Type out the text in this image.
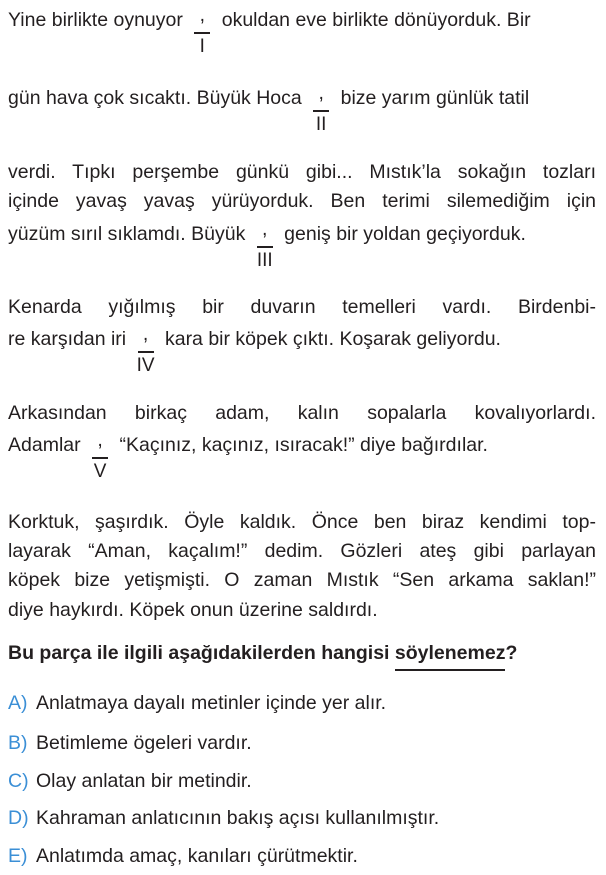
Yine birlikte oynuyor ,
I
okuldan eve birlikte dönüyorduk. Bir
gün hava çok sıcaktı. Büyük Hoca ,
II
bize yarım günlük tatil
verdi. Tıpkı perşembe günkü gibi... Mıstık’la sokağın tozları
içinde yavaş yavaş yürüyorduk. Ben terimi silemediğim için
yüzüm sırıl sıklamdı. Büyük ,
III
geniş bir yoldan geçiyorduk.
Kenarda yığılmış bir duvarın temelleri vardı. Birdenbi-
re karşıdan iri ,
IV
kara bir köpek çıktı. Koşarak geliyordu.
Arkasından birkaç adam, kalın sopalarla kovalıyorlardı.
Adamlar ,
V
“Kaçınız, kaçınız, ısıracak!” diye bağırdılar.
Korktuk, şaşırdık. Öyle kaldık. Önce ben biraz kendimi top-
layarak “Aman, kaçalım!” dedim. Gözleri ateş gibi parlayan
köpek bize yetişmişti. O zaman Mıstık “Sen arkama saklan!”
diye haykırdı. Köpek onun üzerine saldırdı.
Bu parça ile ilgili aşağıdakilerden hangisi söylenemez?
A) Anlatmaya dayalı metinler içinde yer alır.
B) Betimleme ögeleri vardır.
C) Olay anlatan bir metindir.
D) Kahraman anlatıcının bakış açısı kullanılmıştır.
E) Anlatımda amaç, kanıları çürütmektir.
